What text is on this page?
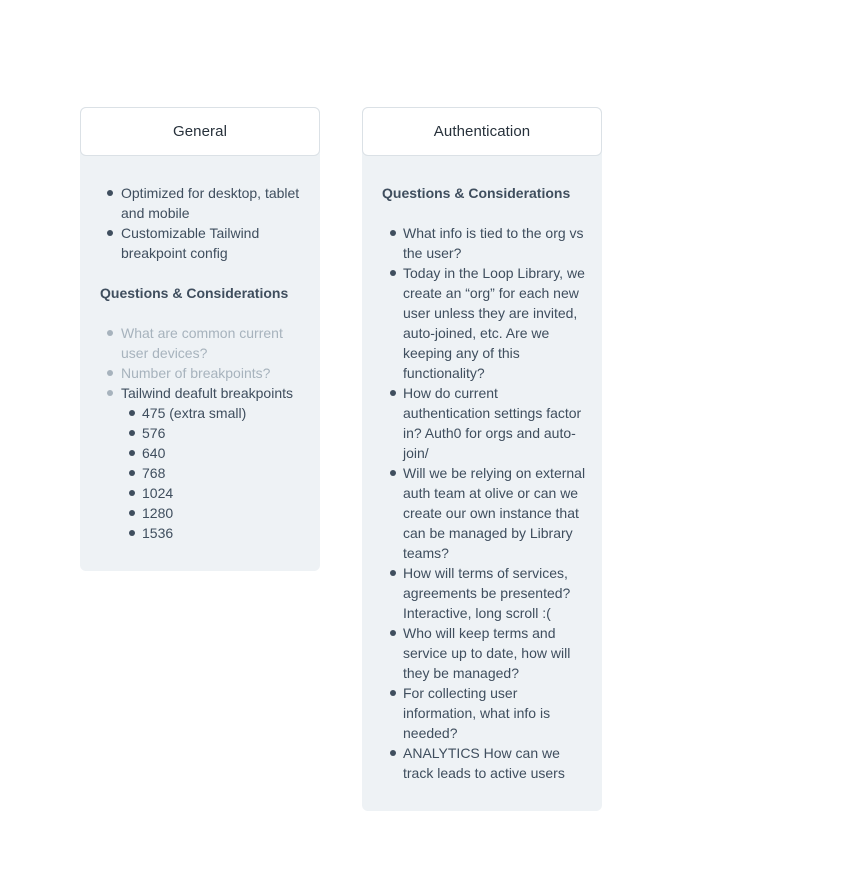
General
Optimized for desktop, tablet and mobile
Customizable Tailwind breakpoint config
Questions & Considerations
What are common current user devices?
Number of breakpoints?
Tailwind deafult breakpoints
475 (extra small)
576
640
768
1024
1280
1536
Authentication
Questions & Considerations
What info is tied to the org vs the user?
Today in the Loop Library, we create an “org” for each new user unless they are invited, auto-joined, etc. Are we keeping any of this functionality?
How do current authentication settings factor in? Auth0 for orgs and auto-join/
Will we be relying on external auth team at olive or can we create our own instance that can be managed by Library teams?
How will terms of services, agreements be presented? Interactive, long scroll :(
Who will keep terms and service up to date, how will they be managed?
For collecting user information, what info is needed?
ANALYTICS How can we track leads to active users
